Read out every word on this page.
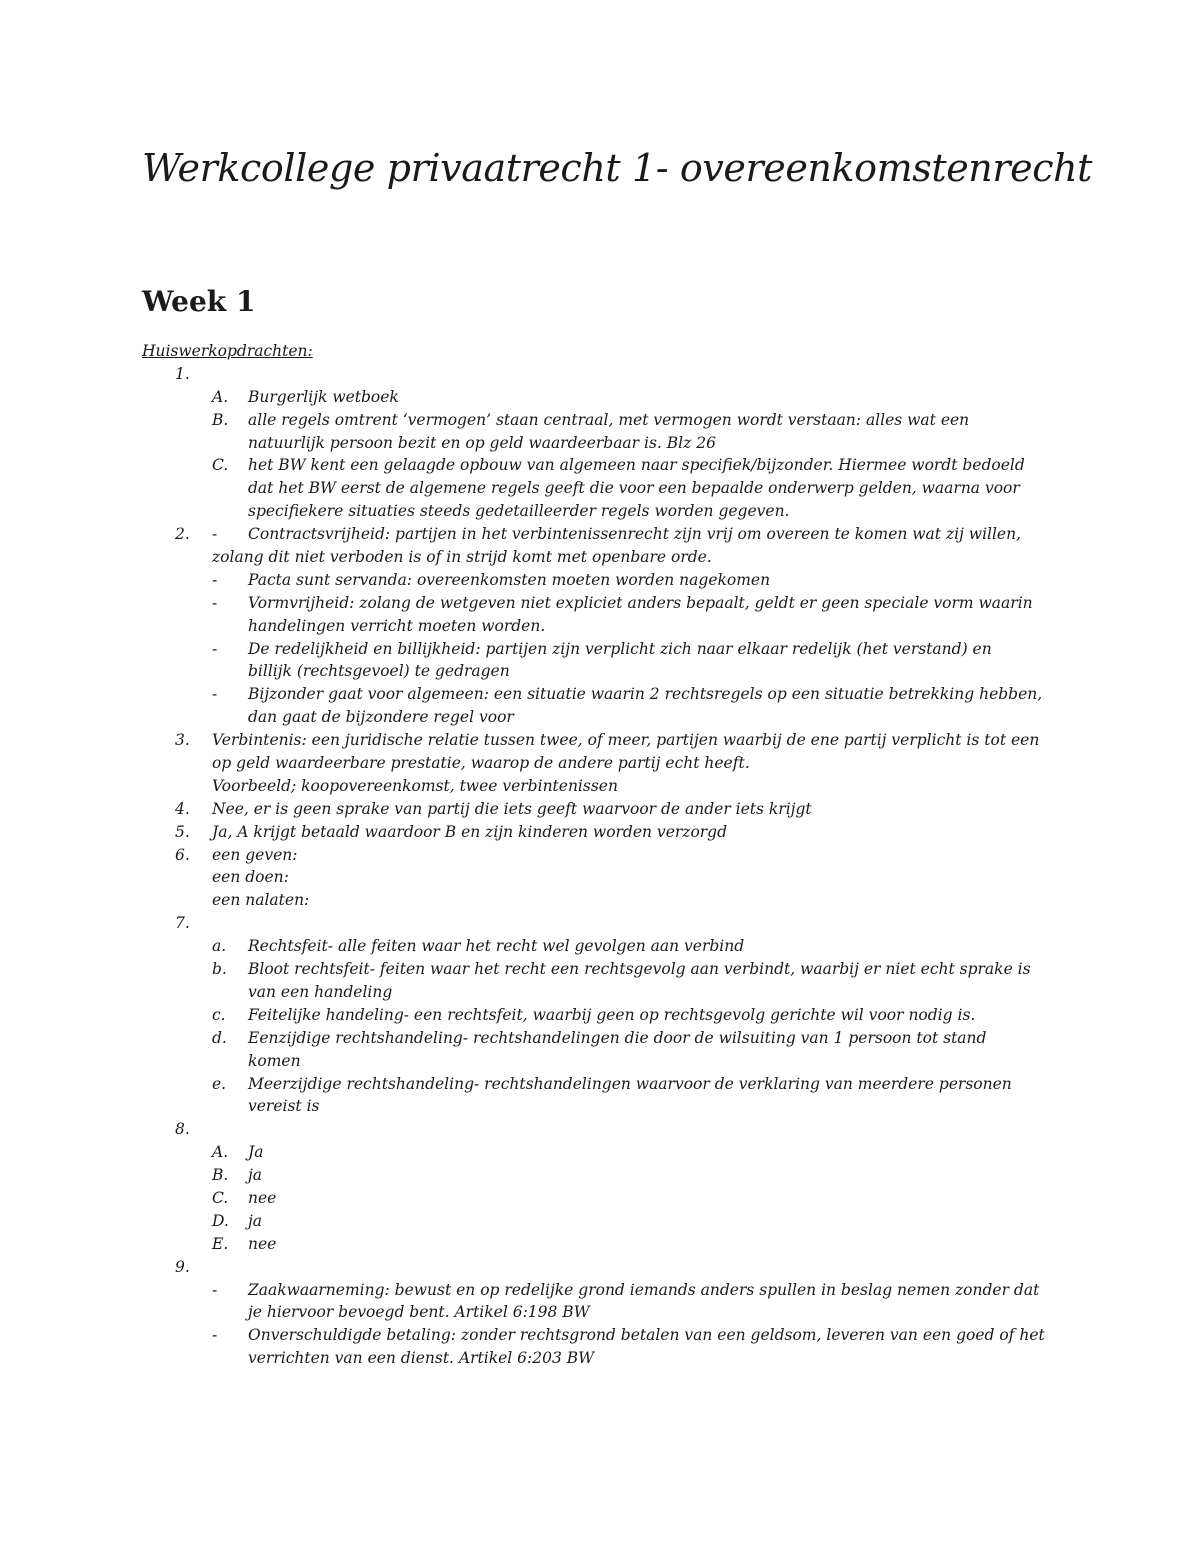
Werkcollege privaatrecht 1- overeenkomstenrecht
Week 1
Huiswerkopdrachten:
1.
A. Burgerlijk wetboek
B. alle regels omtrent ‘vermogen’ staan centraal, met vermogen wordt verstaan: alles wat een
natuurlijk persoon bezit en op geld waardeerbaar is. Blz 26
C. het BW kent een gelaagde opbouw van algemeen naar specifiek/bijzonder. Hiermee wordt bedoeld
dat het BW eerst de algemene regels geeft die voor een bepaalde onderwerp gelden, waarna voor
specifiekere situaties steeds gedetailleerder regels worden gegeven.
2. - Contractsvrijheid: partijen in het verbintenissenrecht zijn vrij om overeen te komen wat zij willen,
zolang dit niet verboden is of in strijd komt met openbare orde.
- Pacta sunt servanda: overeenkomsten moeten worden nagekomen
- Vormvrijheid: zolang de wetgeven niet expliciet anders bepaalt, geldt er geen speciale vorm waarin
handelingen verricht moeten worden.
- De redelijkheid en billijkheid: partijen zijn verplicht zich naar elkaar redelijk (het verstand) en
billijk (rechtsgevoel) te gedragen
- Bijzonder gaat voor algemeen: een situatie waarin 2 rechtsregels op een situatie betrekking hebben,
dan gaat de bijzondere regel voor
3. Verbintenis: een juridische relatie tussen twee, of meer, partijen waarbij de ene partij verplicht is tot een
op geld waardeerbare prestatie, waarop de andere partij echt heeft.
Voorbeeld; koopovereenkomst, twee verbintenissen
4. Nee, er is geen sprake van partij die iets geeft waarvoor de ander iets krijgt
5. Ja, A krijgt betaald waardoor B en zijn kinderen worden verzorgd
6. een geven:
een doen:
een nalaten:
7.
a. Rechtsfeit- alle feiten waar het recht wel gevolgen aan verbind
b. Bloot rechtsfeit- feiten waar het recht een rechtsgevolg aan verbindt, waarbij er niet echt sprake is
van een handeling
c. Feitelijke handeling- een rechtsfeit, waarbij geen op rechtsgevolg gerichte wil voor nodig is.
d. Eenzijdige rechtshandeling- rechtshandelingen die door de wilsuiting van 1 persoon tot stand
komen
e. Meerzijdige rechtshandeling- rechtshandelingen waarvoor de verklaring van meerdere personen
vereist is
8.
A. Ja
B. ja
C. nee
D. ja
E. nee
9.
- Zaakwaarneming: bewust en op redelijke grond iemands anders spullen in beslag nemen zonder dat
je hiervoor bevoegd bent. Artikel 6:198 BW
- Onverschuldigde betaling: zonder rechtsgrond betalen van een geldsom, leveren van een goed of het
verrichten van een dienst. Artikel 6:203 BW
